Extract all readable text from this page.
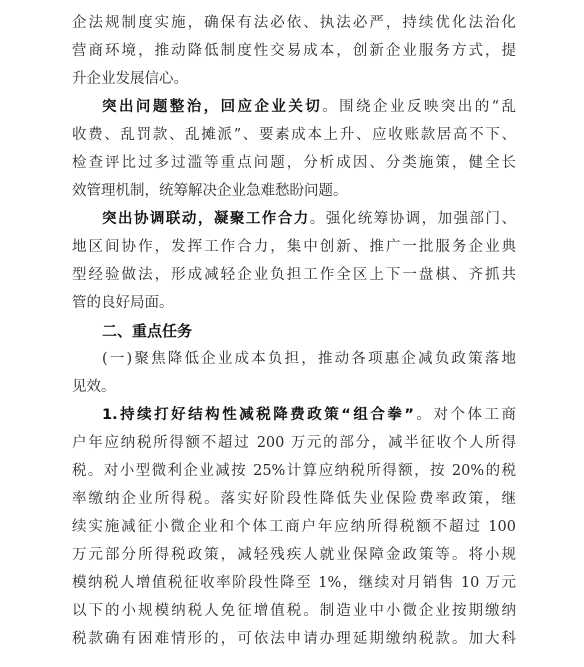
企法规制度实施，确保有法必依、执法必严，持续优化法治化
营商环境，推动降低制度性交易成本，创新企业服务方式，提
升企业发展信心。
突出问题整治，回应企业关切。围绕企业反映突出的“乱
收费、乱罚款、乱摊派”、要素成本上升、应收账款居高不下、
检查评比过多过滥等重点问题，分析成因、分类施策，健全长
效管理机制，统筹解决企业急难愁盼问题。
突出协调联动，凝聚工作合力。强化统筹协调，加强部门、
地区间协作，发挥工作合力，集中创新、推广一批服务企业典
型经验做法，形成减轻企业负担工作全区上下一盘棋、齐抓共
管的良好局面。
二、重点任务
(一)聚焦降低企业成本负担，推动各项惠企减负政策落地
见效。
1.持续打好结构性减税降费政策“组合拳”。对个体工商
户年应纳税所得额不超过 200 万元的部分，减半征收个人所得
税。对小型微利企业减按 25%计算应纳税所得额，按 20%的税
率缴纳企业所得税。落实好阶段性降低失业保险费率政策，继
续实施减征小微企业和个体工商户年应纳所得税额不超过 100
万元部分所得税政策，减轻残疾人就业保障金政策等。将小规
模纳税人增值税征收率阶段性降至 1%，继续对月销售 10 万元
以下的小规模纳税人免征增值税。制造业中小微企业按期缴纳
税款确有困难情形的，可依法申请办理延期缴纳税款。加大科
